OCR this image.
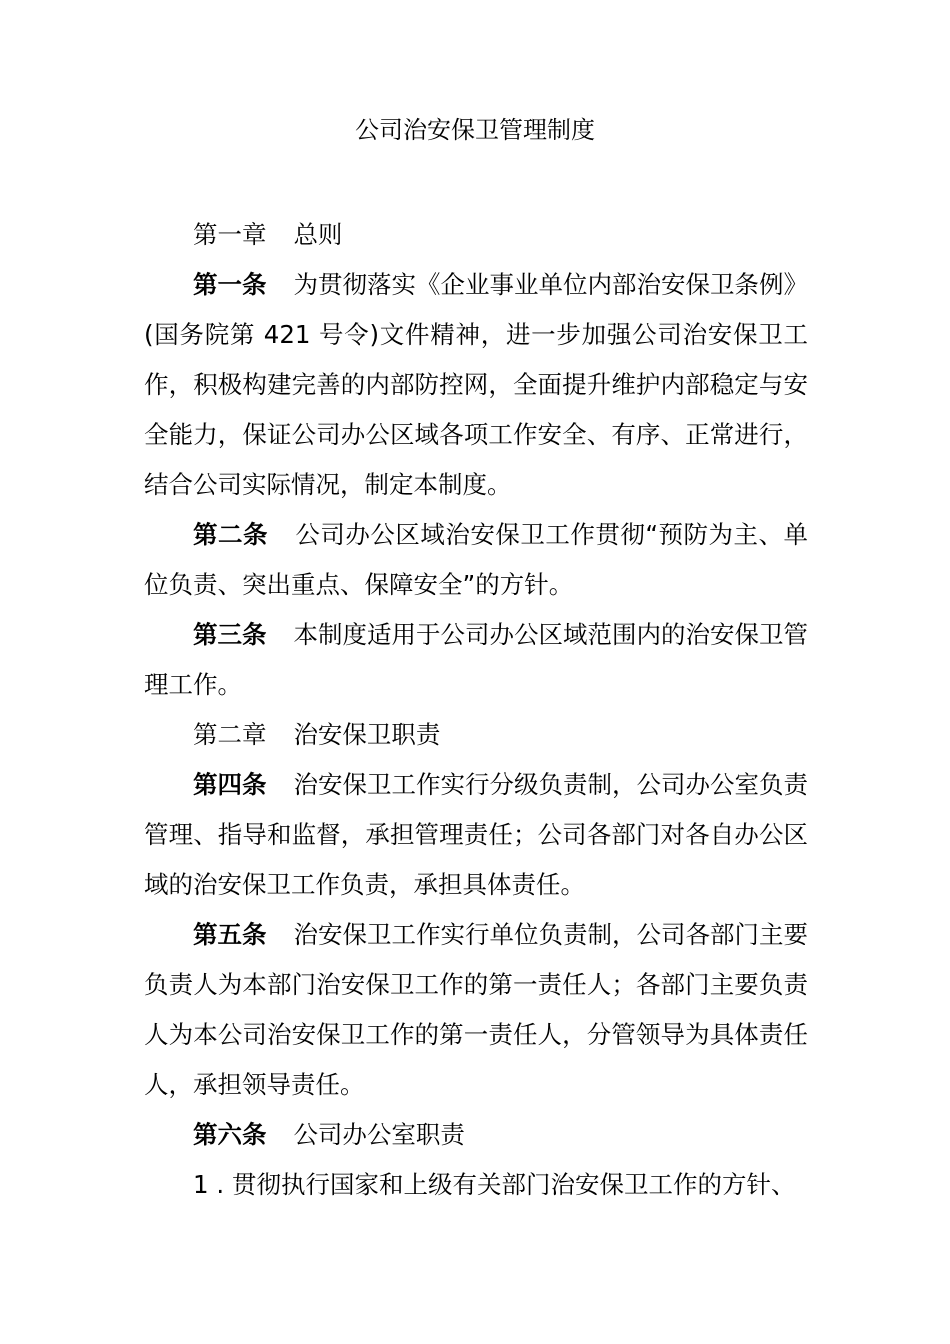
公司治安保卫管理制度

第一章 总则

第一条 为贯彻落实《企业事业单位内部治安保卫条例》(国务院第 421 号令)文件精神，进一步加强公司治安保卫工作，积极构建完善的内部防控网，全面提升维护内部稳定与安全能力，保证公司办公区域各项工作安全、有序、正常进行，结合公司实际情况，制定本制度。

第二条 公司办公区域治安保卫工作贯彻“预防为主、单位负责、突出重点、保障安全”的方针。

第三条 本制度适用于公司办公区域范围内的治安保卫管理工作。

第二章 治安保卫职责

第四条 治安保卫工作实行分级负责制，公司办公室负责管理、指导和监督，承担管理责任；公司各部门对各自办公区域的治安保卫工作负责，承担具体责任。

第五条 治安保卫工作实行单位负责制，公司各部门主要负责人为本部门治安保卫工作的第一责任人；各部门主要负责人为本公司治安保卫工作的第一责任人，分管领导为具体责任人，承担领导责任。

第六条 公司办公室职责

1 . 贯彻执行国家和上级有关部门治安保卫工作的方针、
